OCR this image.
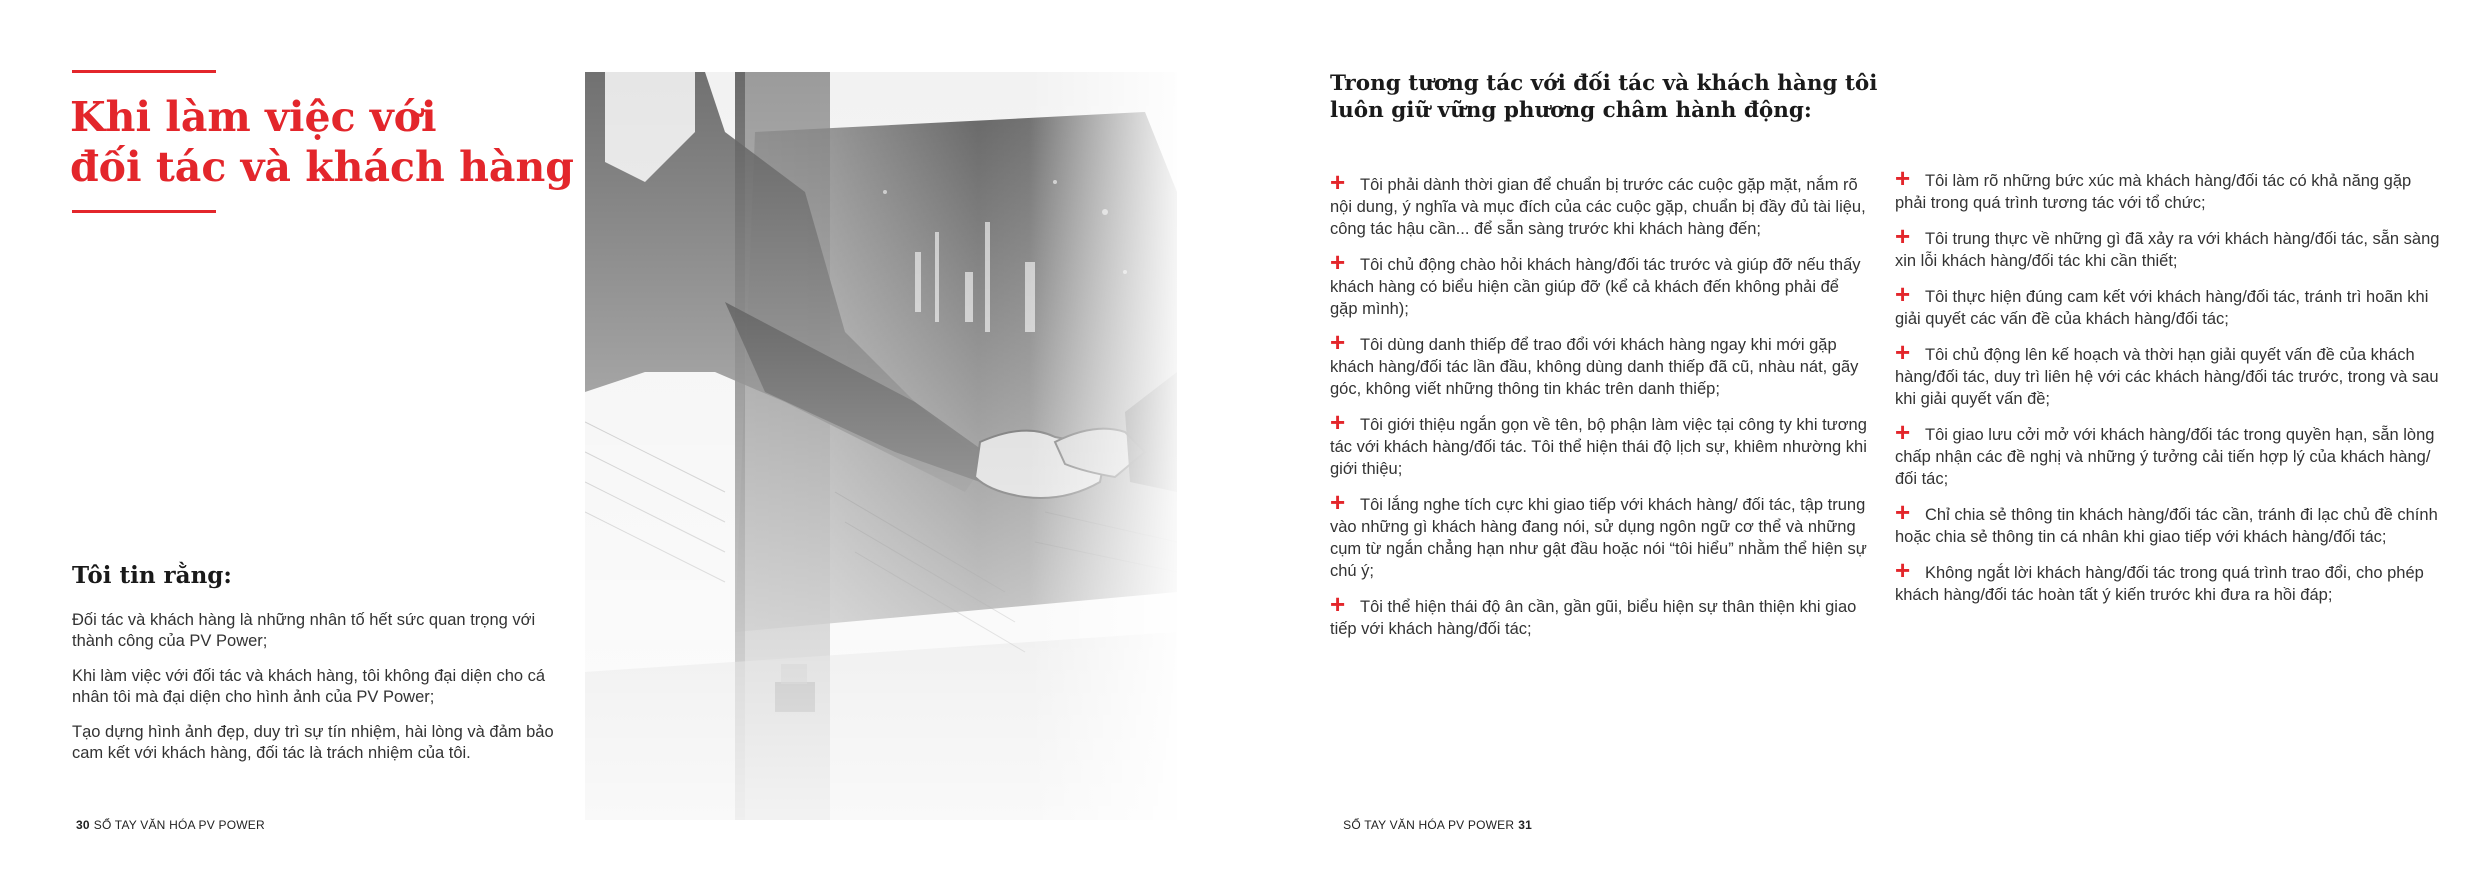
Khi làm việc với
đối tác và khách hàng
Tôi tin rằng:

Đối tác và khách hàng là những nhân tố hết sức quan trọng với thành công của PV Power;

Khi làm việc với đối tác và khách hàng, tôi không đại diện cho cá nhân tôi mà đại diện cho hình ảnh của PV Power;

Tạo dựng hình ảnh đẹp, duy trì sự tín nhiệm, hài lòng và đảm bảo cam kết với khách hàng, đối tác là trách nhiệm của tôi.

30 SỔ TAY VĂN HÓA PV POWER
Trong tương tác với đối tác và khách hàng tôi luôn giữ vững phương châm hành động:

+ Tôi phải dành thời gian để chuẩn bị trước các cuộc gặp mặt, nắm rõ nội dung, ý nghĩa và mục đích của các cuộc gặp, chuẩn bị đầy đủ tài liệu, công tác hậu cần... để sẵn sàng trước khi khách hàng đến;

+ Tôi chủ động chào hỏi khách hàng/đối tác trước và giúp đỡ nếu thấy khách hàng có biểu hiện cần giúp đỡ (kể cả khách đến không phải để gặp mình);

+ Tôi dùng danh thiếp để trao đổi với khách hàng ngay khi mới gặp khách hàng/đối tác lần đầu, không dùng danh thiếp đã cũ, nhàu nát, gãy góc, không viết những thông tin khác trên danh thiếp;

+ Tôi giới thiệu ngắn gọn về tên, bộ phận làm việc tại công ty khi tương tác với khách hàng/đối tác. Tôi thể hiện thái độ lịch sự, khiêm nhường khi giới thiệu;

+ Tôi lắng nghe tích cực khi giao tiếp với khách hàng/ đối tác, tập trung vào những gì khách hàng đang nói, sử dụng ngôn ngữ cơ thể và những cụm từ ngắn chẳng hạn như gật đầu hoặc nói “tôi hiểu” nhằm thể hiện sự chú ý;

+ Tôi thể hiện thái độ ân cần, gần gũi, biểu hiện sự thân thiện khi giao tiếp với khách hàng/đối tác;

+ Tôi làm rõ những bức xúc mà khách hàng/đối tác có khả năng gặp phải trong quá trình tương tác với tổ chức;

+ Tôi trung thực về những gì đã xảy ra với khách hàng/đối tác, sẵn sàng xin lỗi khách hàng/đối tác khi cần thiết;

+ Tôi thực hiện đúng cam kết với khách hàng/đối tác, tránh trì hoãn khi giải quyết các vấn đề của khách hàng/đối tác;

+ Tôi chủ động lên kế hoạch và thời hạn giải quyết vấn đề của khách hàng/đối tác, duy trì liên hệ với các khách hàng/đối tác trước, trong và sau khi giải quyết vấn đề;

+ Tôi giao lưu cởi mở với khách hàng/đối tác trong quyền hạn, sẵn lòng chấp nhận các đề nghị và những ý tưởng cải tiến hợp lý của khách hàng/đối tác;

+ Chỉ chia sẻ thông tin khách hàng/đối tác cần, tránh đi lạc chủ đề chính hoặc chia sẻ thông tin cá nhân khi giao tiếp với khách hàng/đối tác;

+ Không ngắt lời khách hàng/đối tác trong quá trình trao đổi, cho phép khách hàng/đối tác hoàn tất ý kiến trước khi đưa ra hồi đáp;

SỔ TAY VĂN HÓA PV POWER 31
